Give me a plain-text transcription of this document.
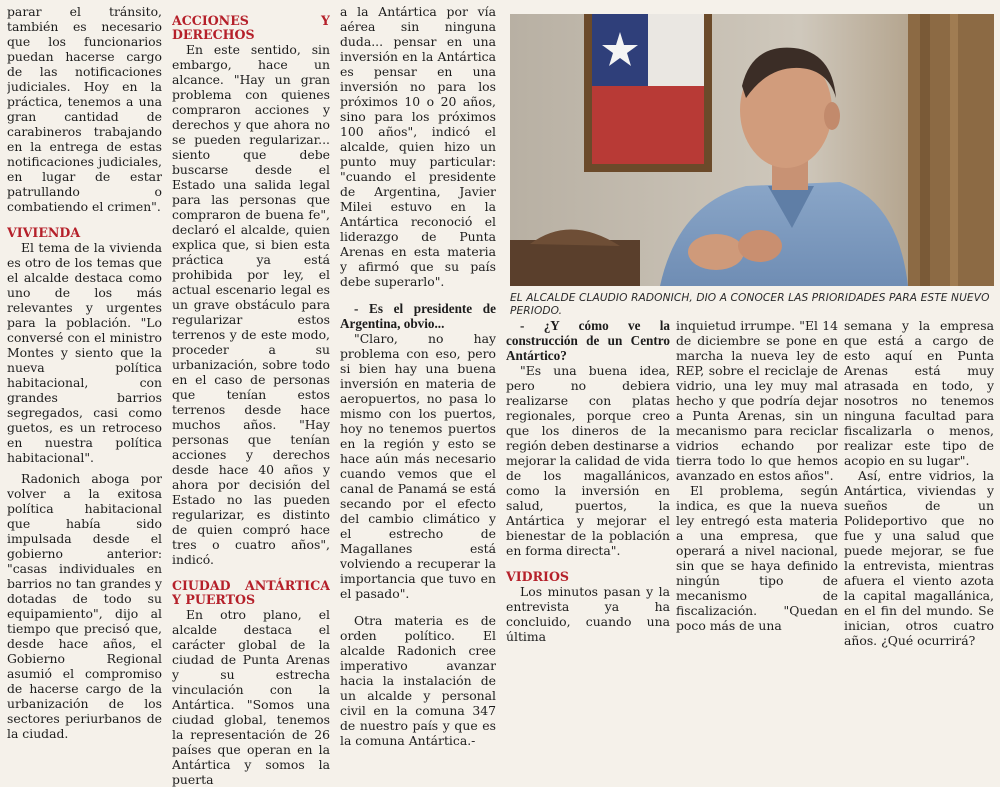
parar el tránsito, también es necesario que los funcionarios puedan hacerse cargo de las notificaciones judiciales. Hoy en la práctica, tenemos a una gran cantidad de carabineros trabajando en la entrega de estas notificaciones judiciales, en lugar de estar patrullando o combatiendo el crimen".

VIVIENDA

El tema de la vivienda es otro de los temas que el alcalde destaca como uno de los más relevantes y urgentes para la población. "Lo conversé con el ministro Montes y siento que la nueva política habitacional, con grandes barrios segregados, casi como guetos, es un retroceso en nuestra política habitacional".

Radonich aboga por volver a la exitosa política habitacional que había sido impulsada desde el gobierno anterior: "casas individuales en barrios no tan grandes y dotadas de todo su equipamiento", dijo al tiempo que precisó que, desde hace años, el Gobierno Regional asumió el compromiso de hacerse cargo de la urbanización de los sectores periurbanos de la ciudad.

ACCIONES Y DERECHOS

En este sentido, sin embargo, hace un alcance. "Hay un gran problema con quienes compraron acciones y derechos y que ahora no se pueden regularizar... siento que debe buscarse desde el Estado una salida legal para las personas que compraron de buena fe", declaró el alcalde, quien explica que, si bien esta práctica ya está prohibida por ley, el actual escenario legal es un grave obstáculo para regularizar estos terrenos y de este modo, proceder a su urbanización, sobre todo en el caso de personas que tenían estos terrenos desde hace muchos años. "Hay personas que tenían acciones y derechos desde hace 40 años y ahora por decisión del Estado no las pueden regularizar, es distinto de quien compró hace tres o cuatro años", indicó.

CIUDAD ANTÁRTICA Y PUERTOS

En otro plano, el alcalde destaca el carácter global de la ciudad de Punta Arenas y su estrecha vinculación con la Antártica. "Somos una ciudad global, tenemos la representación de 26 países que operan en la Antártica y somos la puerta

a la Antártica por vía aérea sin ninguna duda... pensar en una inversión en la Antártica es pensar en una inversión no para los próximos 10 o 20 años, sino para los próximos 100 años", indicó el alcalde, quien hizo un punto muy particular: "cuando el presidente de Argentina, Javier Milei estuvo en la Antártica reconoció el liderazgo de Punta Arenas en esta materia y afirmó que su país debe superarlo".

- Es el presidente de Argentina, obvio...

"Claro, no hay problema con eso, pero si bien hay una buena inversión en materia de aeropuertos, no pasa lo mismo con los puertos, hoy no tenemos puertos en la región y esto se hace aún más necesario cuando vemos que el canal de Panamá se está secando por el efecto del cambio climático y el estrecho de Magallanes está volviendo a recuperar la importancia que tuvo en el pasado".

Otra materia es de orden político. El alcalde Radonich cree imperativo avanzar hacia la instalación de un alcalde y personal civil en la comuna 347 de nuestro país y que es la comuna Antártica.-

EL ALCALDE CLAUDIO RADONICH, DIO A CONOCER LAS PRIORIDADES PARA ESTE NUEVO PERIODO.

- ¿Y cómo ve la construcción de un Centro Antártico?

"Es una buena idea, pero no debiera realizarse con platas regionales, porque creo que los dineros de la región deben destinarse a mejorar la calidad de vida de los magallánicos, como la inversión en salud, puertos, la Antártica y mejorar el bienestar de la población en forma directa".

VIDRIOS

Los minutos pasan y la entrevista ya ha concluido, cuando una última

inquietud irrumpe. "El 14 de diciembre se pone en marcha la nueva ley de REP, sobre el reciclaje de vidrio, una ley muy mal hecho y que podría dejar a Punta Arenas, sin un mecanismo para reciclar vidrios echando por tierra todo lo que hemos avanzado en estos años".

El problema, según indica, es que la nueva ley entregó esta materia a una empresa, que operará a nivel nacional, sin que se haya definido ningún tipo de mecanismo de fiscalización. "Quedan poco más de una

semana y la empresa que está a cargo de esto aquí en Punta Arenas está muy atrasada en todo, y nosotros no tenemos ninguna facultad para fiscalizarla o menos, realizar este tipo de acopio en su lugar".

Así, entre vidrios, la Antártica, viviendas y sueños de un Polideportivo que no fue y una salud que puede mejorar, se fue la entrevista, mientras afuera el viento azota la capital magallánica, en el fin del mundo. Se inician, otros cuatro años. ¿Qué ocurrirá?
